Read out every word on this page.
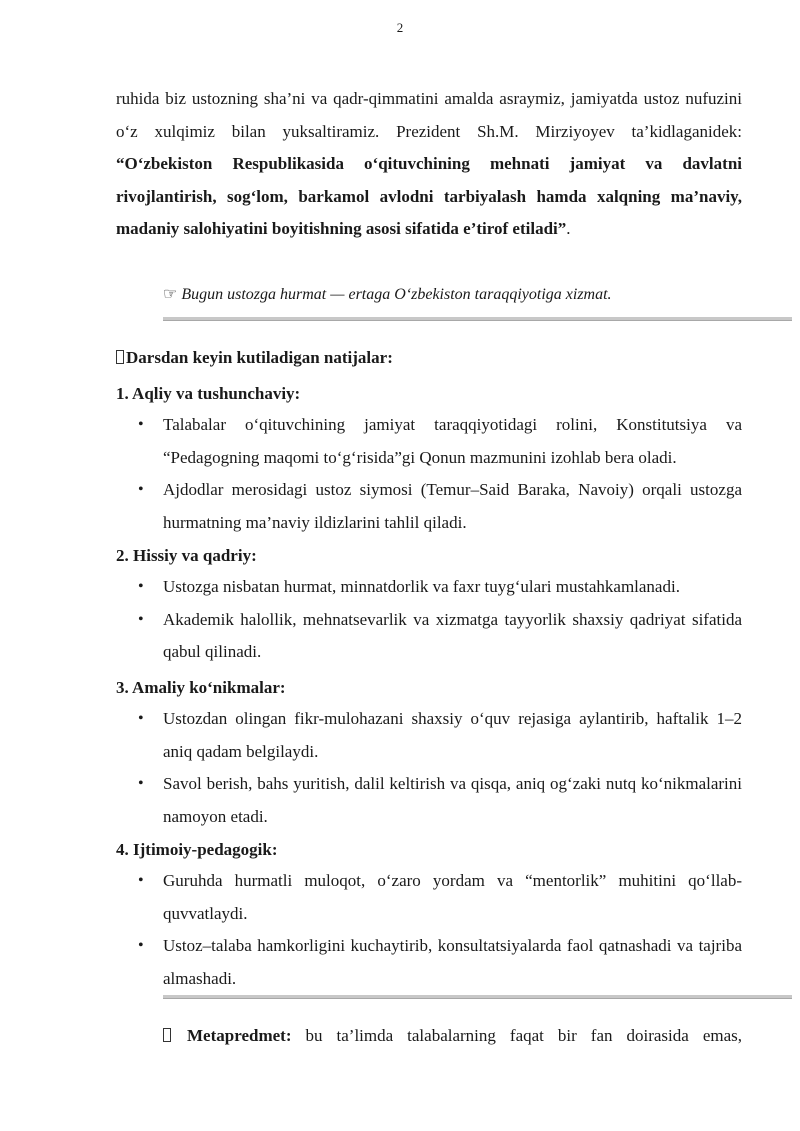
2

ruhida biz ustozning sha’ni va qadr-qimmatini amalda asraymiz, jamiyatda ustoz nufuzini o‘z xulqimiz bilan yuksaltiramiz. Prezident Sh.M. Mirziyoyev ta’kidlaganidek: “O‘zbekiston Respublikasida o‘qituvchining mehnati jamiyat va davlatni rivojlantirish, sog‘lom, barkamol avlodni tarbiyalash hamda xalqning ma’naviy, madaniy salohiyatini boyitishning asosi sifatida e’tirof etiladi”.

☞ Bugun ustozga hurmat — ertaga O‘zbekiston taraqqiyotiga xizmat.
Darsdan keyin kutiladigan natijalar:
1. Aqliy va tushunchaviy:
• Talabalar o‘qituvchining jamiyat taraqqiyotidagi rolini, Konstitutsiya va “Pedagogning maqomi to‘g‘risida”gi Qonun mazmunini izohlab bera oladi.
• Ajdodlar merosidagi ustoz siymosi (Temur–Said Baraka, Navoiy) orqali ustozga hurmatning ma’naviy ildizlarini tahlil qiladi.
2. Hissiy va qadriy:
• Ustozga nisbatan hurmat, minnatdorlik va faxr tuyg‘ulari mustahkamlanadi.
• Akademik halollik, mehnatsevarlik va xizmatga tayyorlik shaxsiy qadriyat sifatida qabul qilinadi.
3. Amaliy ko‘nikmalar:
• Ustozdan olingan fikr-mulohazani shaxsiy o‘quv rejasiga aylantirib, haftalik 1–2 aniq qadam belgilaydi.
• Savol berish, bahs yuritish, dalil keltirish va qisqa, aniq og‘zaki nutq ko‘nikmalarini namoyon etadi.
4. Ijtimoiy-pedagogik:
• Guruhda hurmatli muloqot, o‘zaro yordam va “mentorlik” muhitini qo‘llab-quvvatlaydi.
• Ustoz–talaba hamkorligini kuchaytirib, konsultatsiyalarda faol qatnashadi va tajriba almashadi.

Metapredmet: bu ta’limda talabalarning faqat bir fan doirasida emas,
